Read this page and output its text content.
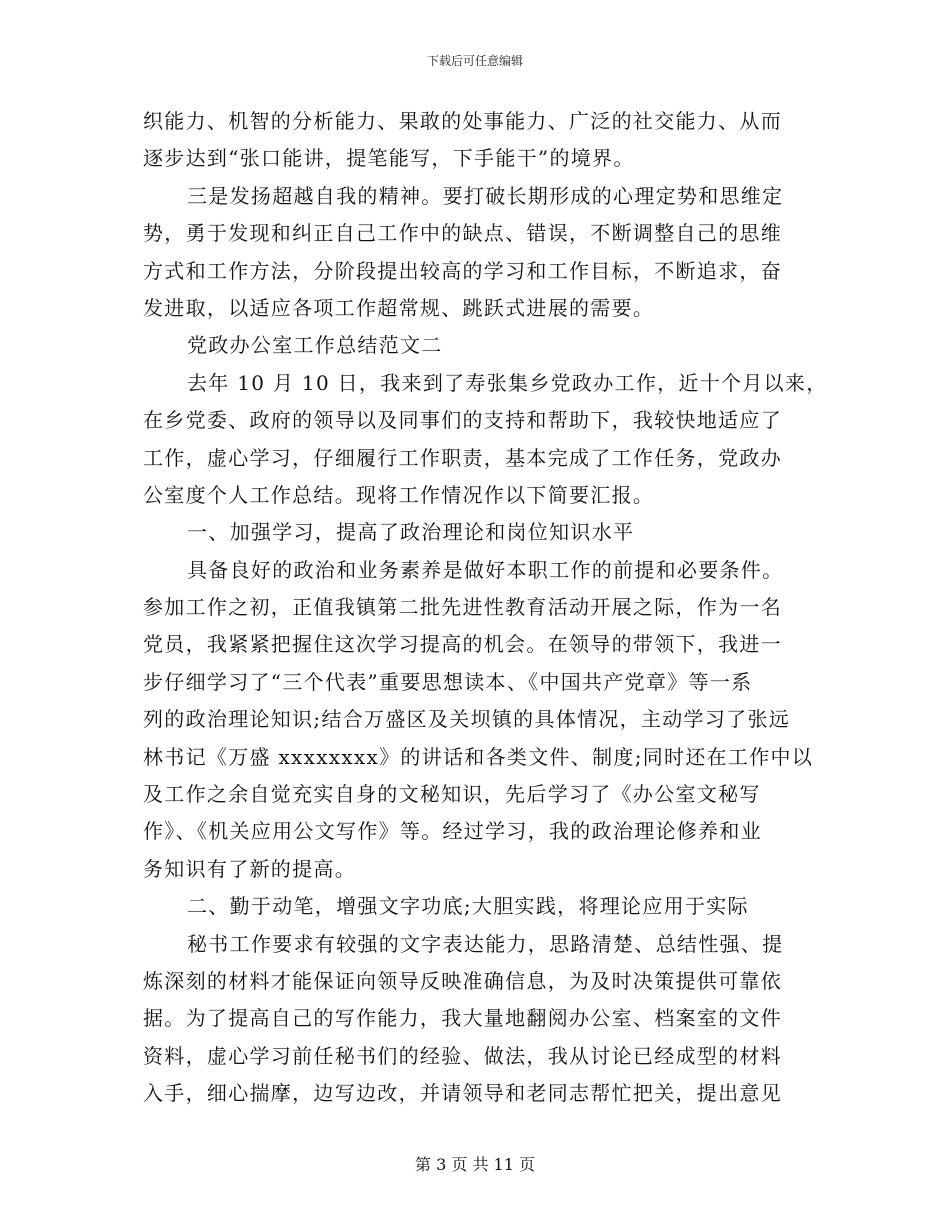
下载后可任意编辑
织能力、机智的分析能力、果敢的处事能力、广泛的社交能力、从而
逐步达到“张口能讲，提笔能写，下手能干”的境界。
三是发扬超越自我的精神。要打破长期形成的心理定势和思维定
势，勇于发现和纠正自己工作中的缺点、错误，不断调整自己的思维
方式和工作方法，分阶段提出较高的学习和工作目标，不断追求，奋
发进取，以适应各项工作超常规、跳跃式进展的需要。
党政办公室工作总结范文二
去年 10 月 10 日，我来到了寿张集乡党政办工作，近十个月以来，
在乡党委、政府的领导以及同事们的支持和帮助下，我较快地适应了
工作，虚心学习，仔细履行工作职责，基本完成了工作任务，党政办
公室度个人工作总结。现将工作情况作以下简要汇报。
一、加强学习，提高了政治理论和岗位知识水平
具备良好的政治和业务素养是做好本职工作的前提和必要条件。
参加工作之初，正值我镇第二批先进性教育活动开展之际，作为一名
党员，我紧紧把握住这次学习提高的机会。在领导的带领下，我进一
步仔细学习了“三个代表”重要思想读本、《中国共产党章》等一系
列的政治理论知识;结合万盛区及关坝镇的具体情况，主动学习了张远
林书记《万盛 xxxxxxxx》的讲话和各类文件、制度;同时还在工作中以
及工作之余自觉充实自身的文秘知识，先后学习了《办公室文秘写
作》、《机关应用公文写作》等。经过学习，我的政治理论修养和业
务知识有了新的提高。
二、勤于动笔，增强文字功底;大胆实践，将理论应用于实际
秘书工作要求有较强的文字表达能力，思路清楚、总结性强、提
炼深刻的材料才能保证向领导反映准确信息，为及时决策提供可靠依
据。为了提高自己的写作能力，我大量地翻阅办公室、档案室的文件
资料，虚心学习前任秘书们的经验、做法，我从讨论已经成型的材料
入手，细心揣摩，边写边改，并请领导和老同志帮忙把关，提出意见
第 3 页 共 11 页
